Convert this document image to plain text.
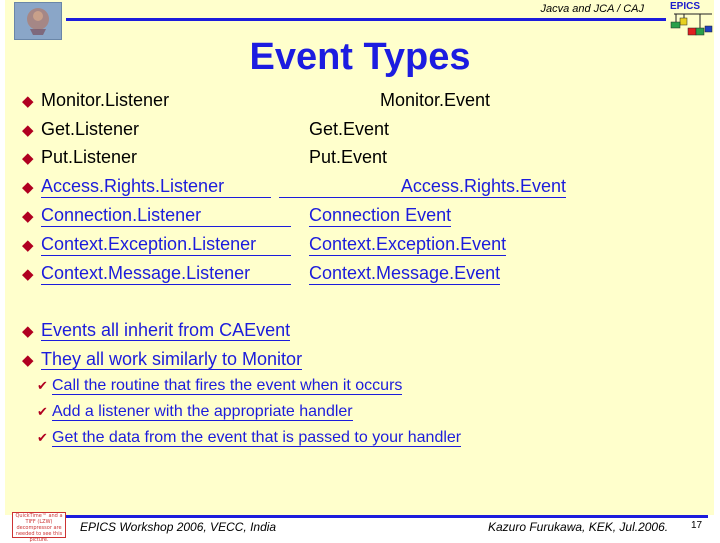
Jacva and JCA / CAJ	EPICS
Event Types
◆ Monitor.Listener	Monitor.Event
◆ Get.Listener	Get.Event
◆ Put.Listener	Put.Event
◆ Access.Rights.Listener	Access.Rights.Event
◆ Connection.Listener	Connection Event
◆ Context.Exception.Listener	Context.Exception.Event
◆ Context.Message.Listener	Context.Message.Event
◆ Events all inherit from CAEvent
◆ They all work similarly to Monitor
✔ Call the routine that fires the event when it occurs
✔ Add a listener with the appropriate handler
✔ Get the data from the event that is passed to your handler
QuickTime™ and a TIFF (LZW) decompressor are needed to see this picture.
EPICS Workshop 2006, VECC, India	Kazuro Furukawa, KEK, Jul.2006. 17
